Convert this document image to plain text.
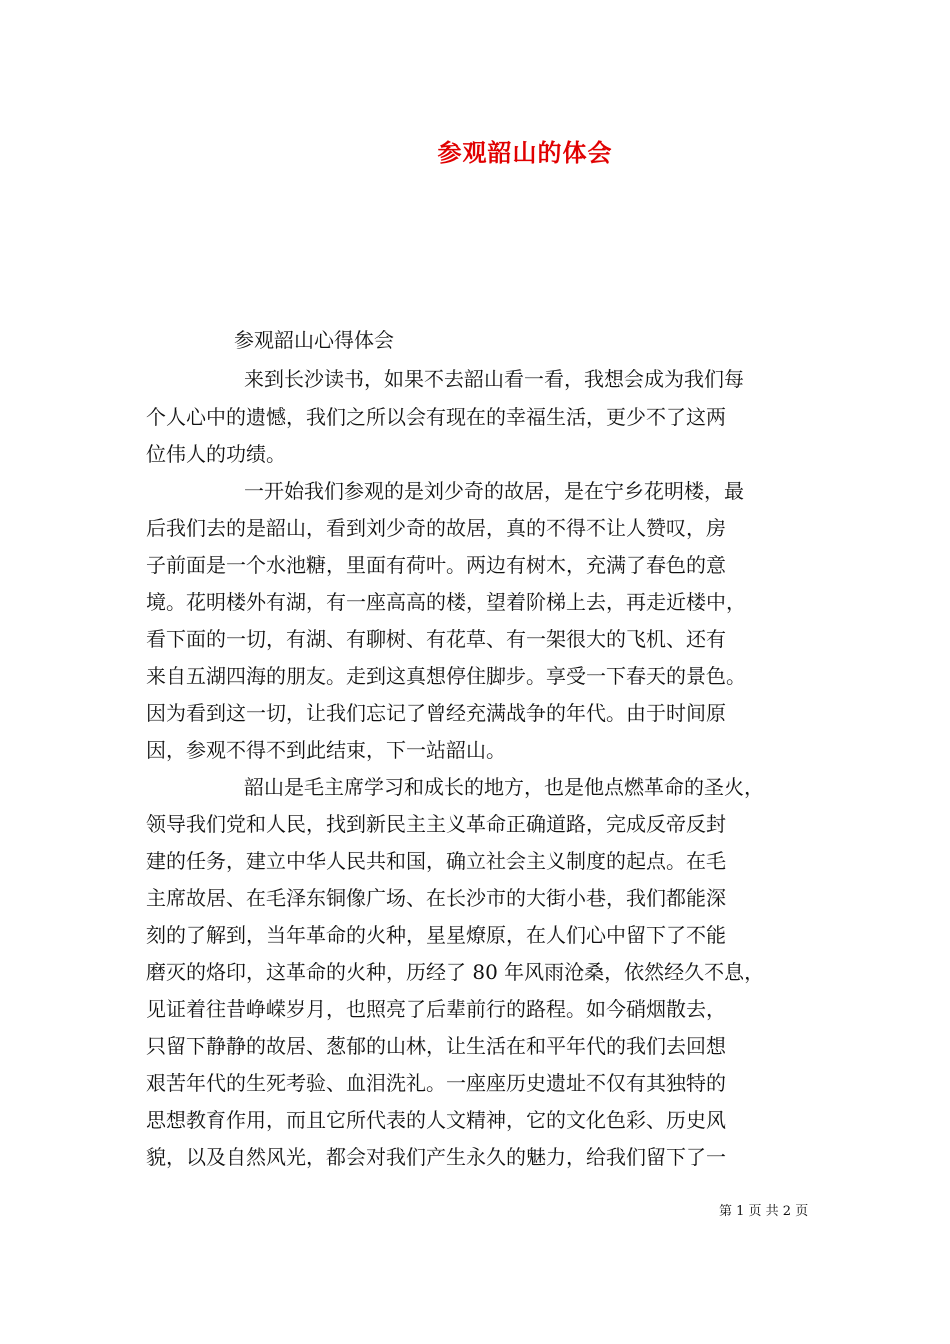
参观韶山的体会
参观韶山心得体会
来到长沙读书，如果不去韶山看一看，我想会成为我们每
个人心中的遗憾，我们之所以会有现在的幸福生活，更少不了这两
位伟人的功绩。
一开始我们参观的是刘少奇的故居，是在宁乡花明楼，最
后我们去的是韶山，看到刘少奇的故居，真的不得不让人赞叹，房
子前面是一个水池糖，里面有荷叶。两边有树木，充满了春色的意
境。花明楼外有湖，有一座高高的楼，望着阶梯上去，再走近楼中，
看下面的一切，有湖、有聊树、有花草、有一架很大的飞机、还有
来自五湖四海的朋友。走到这真想停住脚步。享受一下春天的景色。
因为看到这一切，让我们忘记了曾经充满战争的年代。由于时间原
因，参观不得不到此结束，下一站韶山。
韶山是毛主席学习和成长的地方，也是他点燃革命的圣火，
领导我们党和人民，找到新民主主义革命正确道路，完成反帝反封
建的任务，建立中华人民共和国，确立社会主义制度的起点。在毛
主席故居、在毛泽东铜像广场、在长沙市的大街小巷，我们都能深
刻的了解到，当年革命的火种，星星燎原，在人们心中留下了不能
磨灭的烙印，这革命的火种，历经了 80 年风雨沧桑，依然经久不息，
见证着往昔峥嵘岁月，也照亮了后辈前行的路程。如今硝烟散去，
只留下静静的故居、葱郁的山林，让生活在和平年代的我们去回想
艰苦年代的生死考验、血泪洗礼。一座座历史遗址不仅有其独特的
思想教育作用，而且它所代表的人文精神，它的文化色彩、历史风
貌，以及自然风光，都会对我们产生永久的魅力，给我们留下了一
第 1 页 共 2 页
